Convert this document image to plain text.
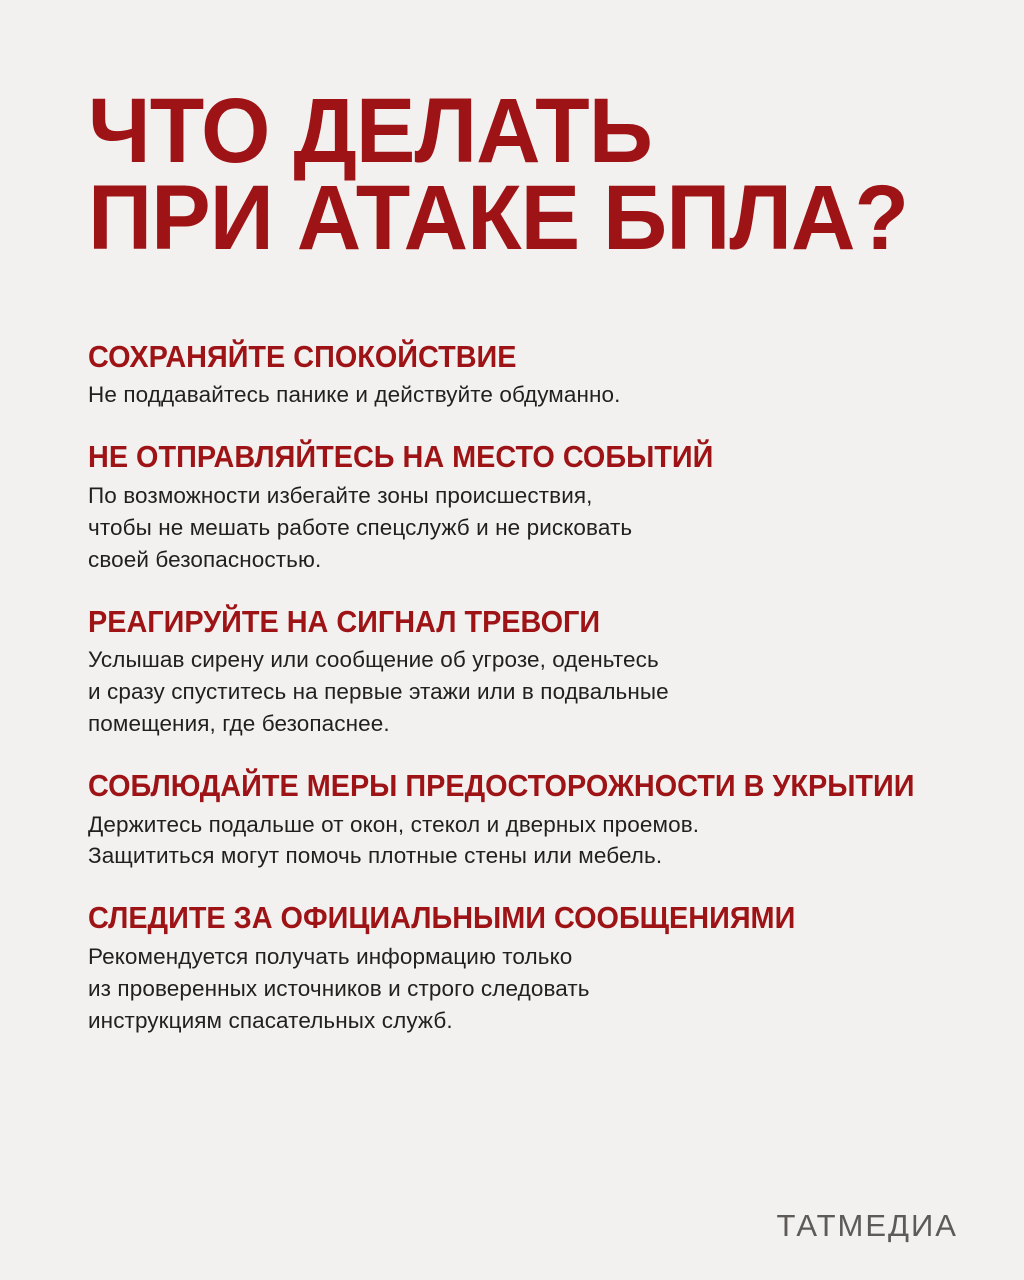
ЧТО ДЕЛАТЬ
ПРИ АТАКЕ БПЛА?
СОХРАНЯЙТЕ СПОКОЙСТВИЕ

Не поддавайтесь панике и действуйте обдуманно.

НЕ ОТПРАВЛЯЙТЕСЬ НА МЕСТО СОБЫТИЙ

По возможности избегайте зоны происшествия,
чтобы не мешать работе спецслужб и не рисковать
своей безопасностью.

РЕАГИРУЙТЕ НА СИГНАЛ ТРЕВОГИ

Услышав сирену или сообщение об угрозе, оденьтесь
и сразу спуститесь на первые этажи или в подвальные
помещения, где безопаснее.

СОБЛЮДАЙТЕ МЕРЫ ПРЕДОСТОРОЖНОСТИ В УКРЫТИИ

Держитесь подальше от окон, стекол и дверных проемов.
Защититься могут помочь плотные стены или мебель.

СЛЕДИТЕ ЗА ОФИЦИАЛЬНЫМИ СООБЩЕНИЯМИ

Рекомендуется получать информацию только
из проверенных источников и строго следовать
инструкциям спасательных служб.

ТАТМЕДИА
